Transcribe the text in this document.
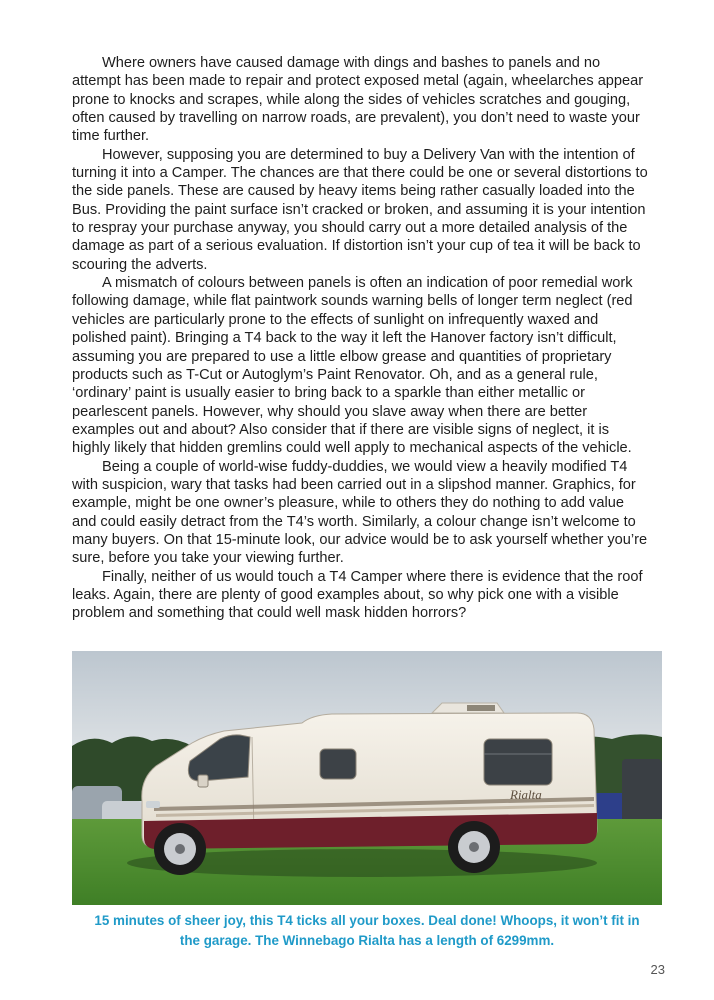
Where owners have caused damage with dings and bashes to panels and no attempt has been made to repair and protect exposed metal (again, wheelarches appear prone to knocks and scrapes, while along the sides of vehicles scratches and gouging, often caused by travelling on narrow roads, are prevalent), you don’t need to waste your time further.

However, supposing you are determined to buy a Delivery Van with the intention of turning it into a Camper. The chances are that there could be one or several distortions to the side panels. These are caused by heavy items being rather casually loaded into the Bus. Providing the paint surface isn’t cracked or broken, and assuming it is your intention to respray your purchase anyway, you should carry out a more detailed analysis of the damage as part of a serious evaluation. If distortion isn’t your cup of tea it will be back to scouring the adverts.

A mismatch of colours between panels is often an indication of poor remedial work following damage, while flat paintwork sounds warning bells of longer term neglect (red vehicles are particularly prone to the effects of sunlight on infrequently waxed and polished paint). Bringing a T4 back to the way it left the Hanover factory isn’t difficult, assuming you are prepared to use a little elbow grease and quantities of proprietary products such as T-Cut or Autoglym’s Paint Renovator. Oh, and as a general rule, ‘ordinary’ paint is usually easier to bring back to a sparkle than either metallic or pearlescent panels. However, why should you slave away when there are better examples out and about? Also consider that if there are visible signs of neglect, it is highly likely that hidden gremlins could well apply to mechanical aspects of the vehicle.

Being a couple of world-wise fuddy-duddies, we would view a heavily modified T4 with suspicion, wary that tasks had been carried out in a slipshod manner. Graphics, for example, might be one owner’s pleasure, while to others they do nothing to add value and could easily detract from the T4’s worth. Similarly, a colour change isn’t welcome to many buyers. On that 15-minute look, our advice would be to ask yourself whether you’re sure, before you take your viewing further.

Finally, neither of us would touch a T4 Camper where there is evidence that the roof leaks. Again, there are plenty of good examples about, so why pick one with a visible problem and something that could well mask hidden horrors?

Rialta
15 minutes of sheer joy, this T4 ticks all your boxes. Deal done! Whoops, it won’t fit in
the garage. The Winnebago Rialta has a length of 6299mm.
23
